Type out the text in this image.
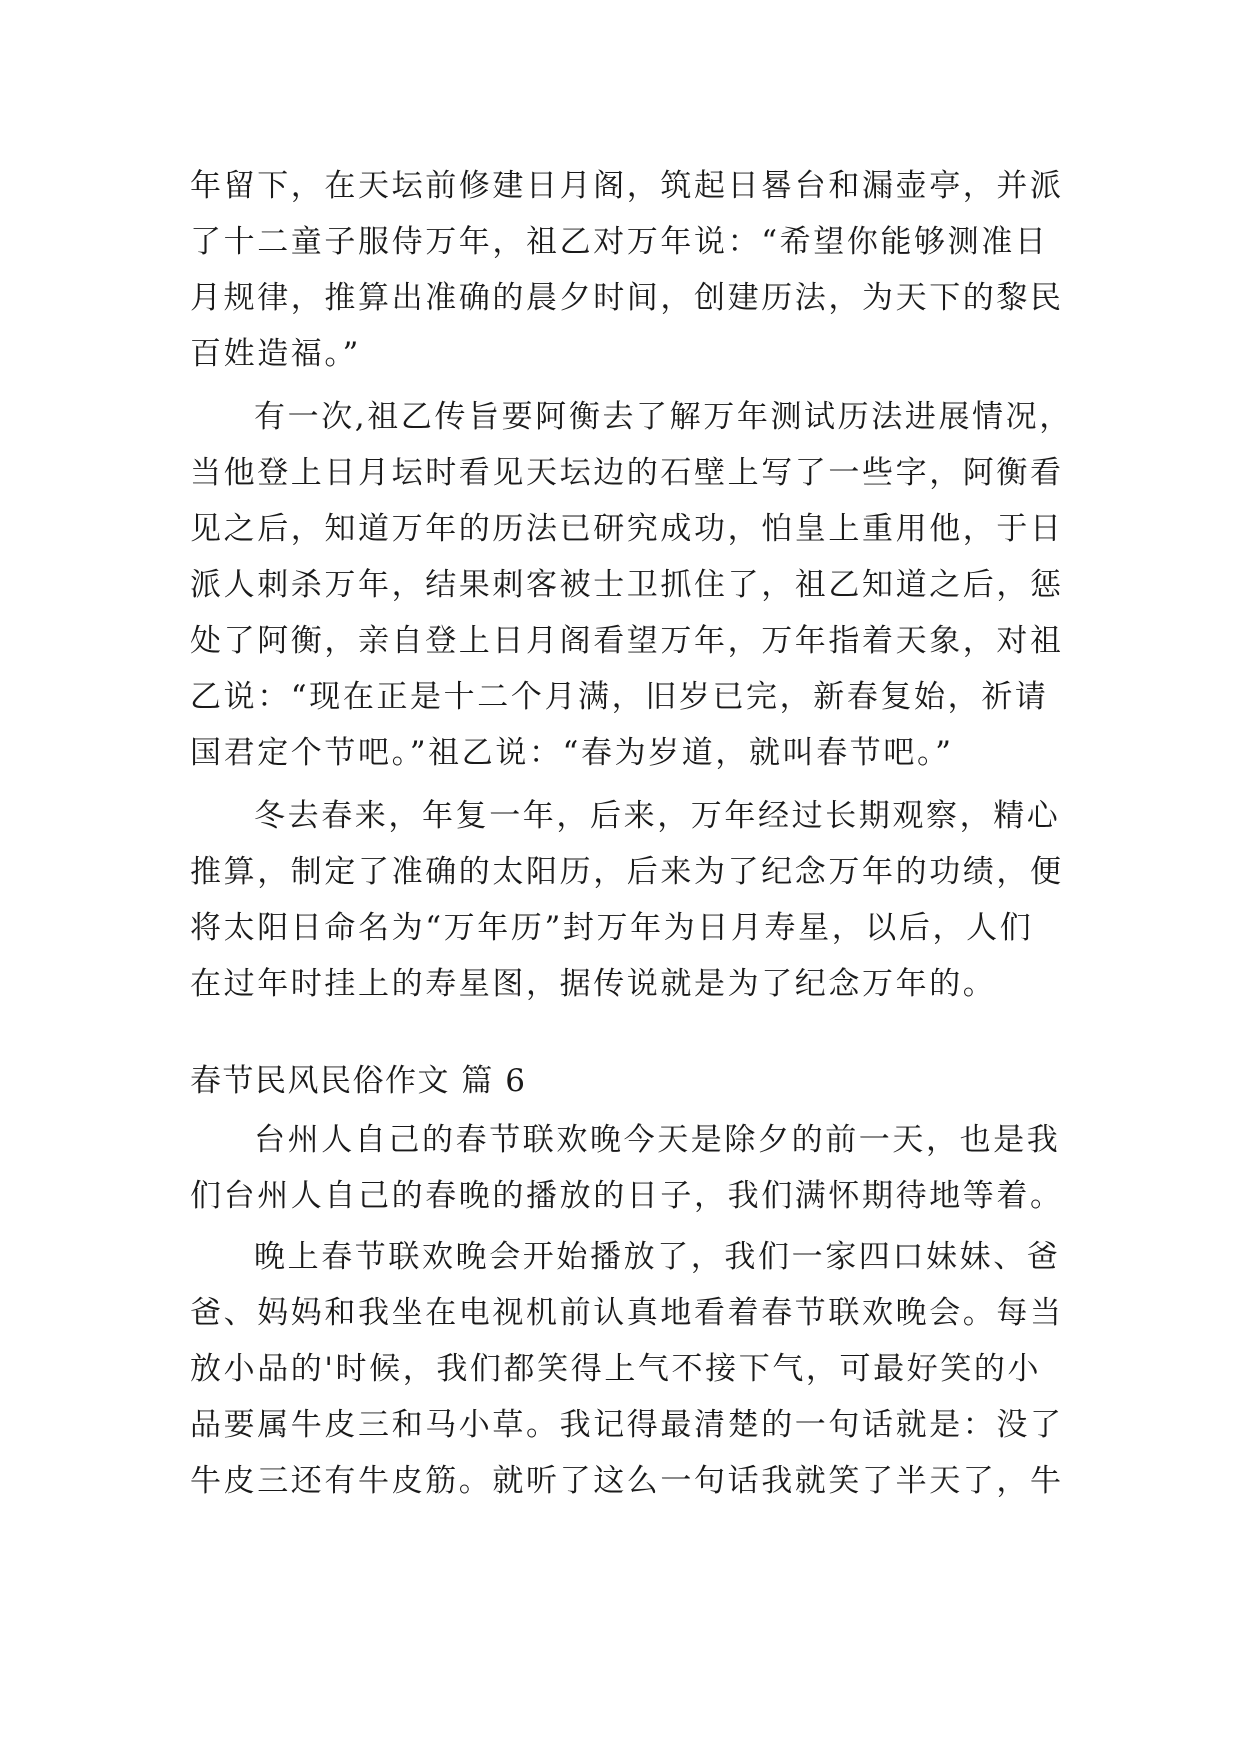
年留下，在天坛前修建日月阁，筑起日晷台和漏壶亭，并派
了十二童子服侍万年，祖乙对万年说：“希望你能够测准日
月规律，推算出准确的晨夕时间，创建历法，为天下的黎民
百姓造福。”
有一次,祖乙传旨要阿衡去了解万年测试历法进展情况，
当他登上日月坛时看见天坛边的石壁上写了一些字，阿衡看
见之后，知道万年的历法已研究成功，怕皇上重用他，于日
派人刺杀万年，结果刺客被士卫抓住了，祖乙知道之后，惩
处了阿衡，亲自登上日月阁看望万年，万年指着天象，对祖
乙说：“现在正是十二个月满，旧岁已完，新春复始，祈请
国君定个节吧。”祖乙说：“春为岁道，就叫春节吧。”
冬去春来，年复一年，后来，万年经过长期观察，精心
推算，制定了准确的太阳历，后来为了纪念万年的功绩，便
将太阳日命名为“万年历”封万年为日月寿星，以后，人们
在过年时挂上的寿星图，据传说就是为了纪念万年的。
春节民风民俗作文 篇 6
台州人自己的春节联欢晚今天是除夕的前一天，也是我
们台州人自己的春晚的播放的日子，我们满怀期待地等着。
晚上春节联欢晚会开始播放了，我们一家四口妹妹、爸
爸、妈妈和我坐在电视机前认真地看着春节联欢晚会。每当
放小品的'时候，我们都笑得上气不接下气，可最好笑的小
品要属牛皮三和马小草。我记得最清楚的一句话就是：没了
牛皮三还有牛皮筋。就听了这么一句话我就笑了半天了，牛
